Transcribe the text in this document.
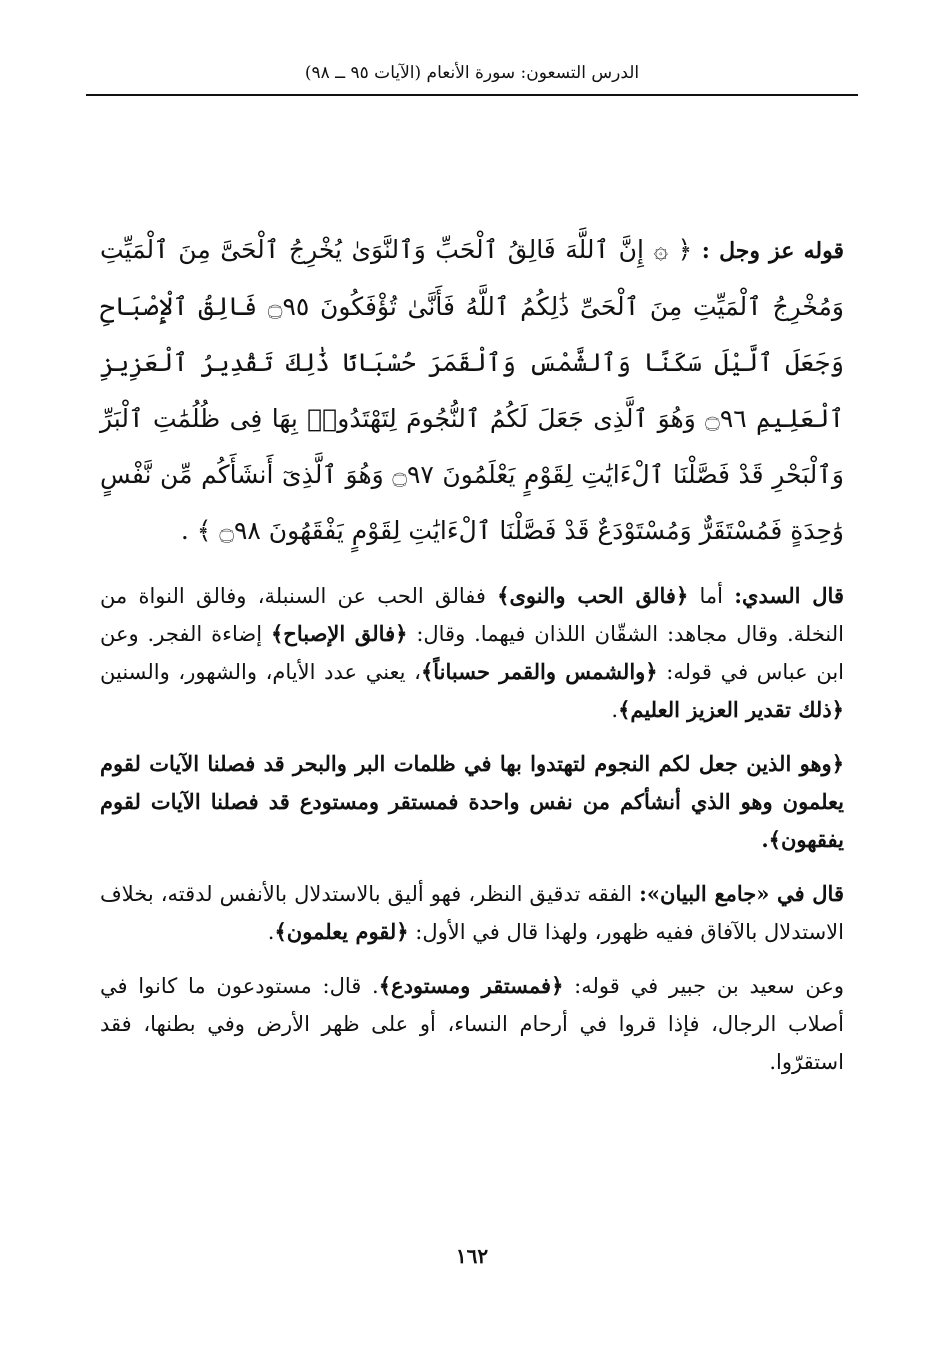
الدرس التسعون: سورة الأنعام (الآيات ٩٥ ــ ٩٨)

قوله عز وجل : ﴿ ۞ إِنَّ ٱللَّهَ فَالِقُ ٱلْحَبِّ وَٱلنَّوَىٰ يُخْرِجُ ٱلْحَىَّ مِنَ ٱلْمَيِّتِ وَمُخْرِجُ ٱلْمَيِّتِ مِنَ ٱلْحَىِّ ذَٰلِكُمُ ٱللَّهُ فَأَنَّىٰ تُؤْفَكُونَ ۝٩٥ فَالِقُ ٱلْإِصْبَاحِ وَجَعَلَ ٱلَّيْلَ سَكَنًا وَٱلشَّمْسَ وَٱلْقَمَرَ حُسْبَانًا ذَٰلِكَ تَقْدِيرُ ٱلْعَزِيزِ ٱلْعَلِيمِ ۝٩٦ وَهُوَ ٱلَّذِى جَعَلَ لَكُمُ ٱلنُّجُومَ لِتَهْتَدُوا۟ بِهَا فِى ظُلُمَٰتِ ٱلْبَرِّ وَٱلْبَحْرِ قَدْ فَصَّلْنَا ٱلْءَايَٰتِ لِقَوْمٍ يَعْلَمُونَ ۝٩٧ وَهُوَ ٱلَّذِىٓ أَنشَأَكُم مِّن نَّفْسٍ وَٰحِدَةٍ فَمُسْتَقَرٌّ وَمُسْتَوْدَعٌ قَدْ فَصَّلْنَا ٱلْءَايَٰتِ لِقَوْمٍ يَفْقَهُونَ ۝٩٨ ﴾ .

قال السدي: أما ﴿فالق الحب والنوى﴾ ففالق الحب عن السنبلة، وفالق النواة من النخلة. وقال مجاهد: الشقّان اللذان فيهما. وقال: ﴿فالق الإصباح﴾ إضاءة الفجر. وعن ابن عباس في قوله: ﴿والشمس والقمر حسباناً﴾، يعني عدد الأيام، والشهور، والسنين ﴿ذلك تقدير العزيز العليم﴾.

﴿وهو الذين جعل لكم النجوم لتهتدوا بها في ظلمات البر والبحر قد فصلنا الآيات لقوم يعلمون وهو الذي أنشأكم من نفس واحدة فمستقر ومستودع قد فصلنا الآيات لقوم يفقهون﴾.

قال في «جامع البيان»: الفقه تدقيق النظر، فهو أليق بالاستدلال بالأنفس لدقته، بخلاف الاستدلال بالآفاق ففيه ظهور، ولهذا قال في الأول: ﴿لقوم يعلمون﴾.

وعن سعيد بن جبير في قوله: ﴿فمستقر ومستودع﴾. قال: مستودعون ما كانوا في أصلاب الرجال، فإذا قروا في أرحام النساء، أو على ظهر الأرض وفي بطنها، فقد استقرّوا.

١٦٢
